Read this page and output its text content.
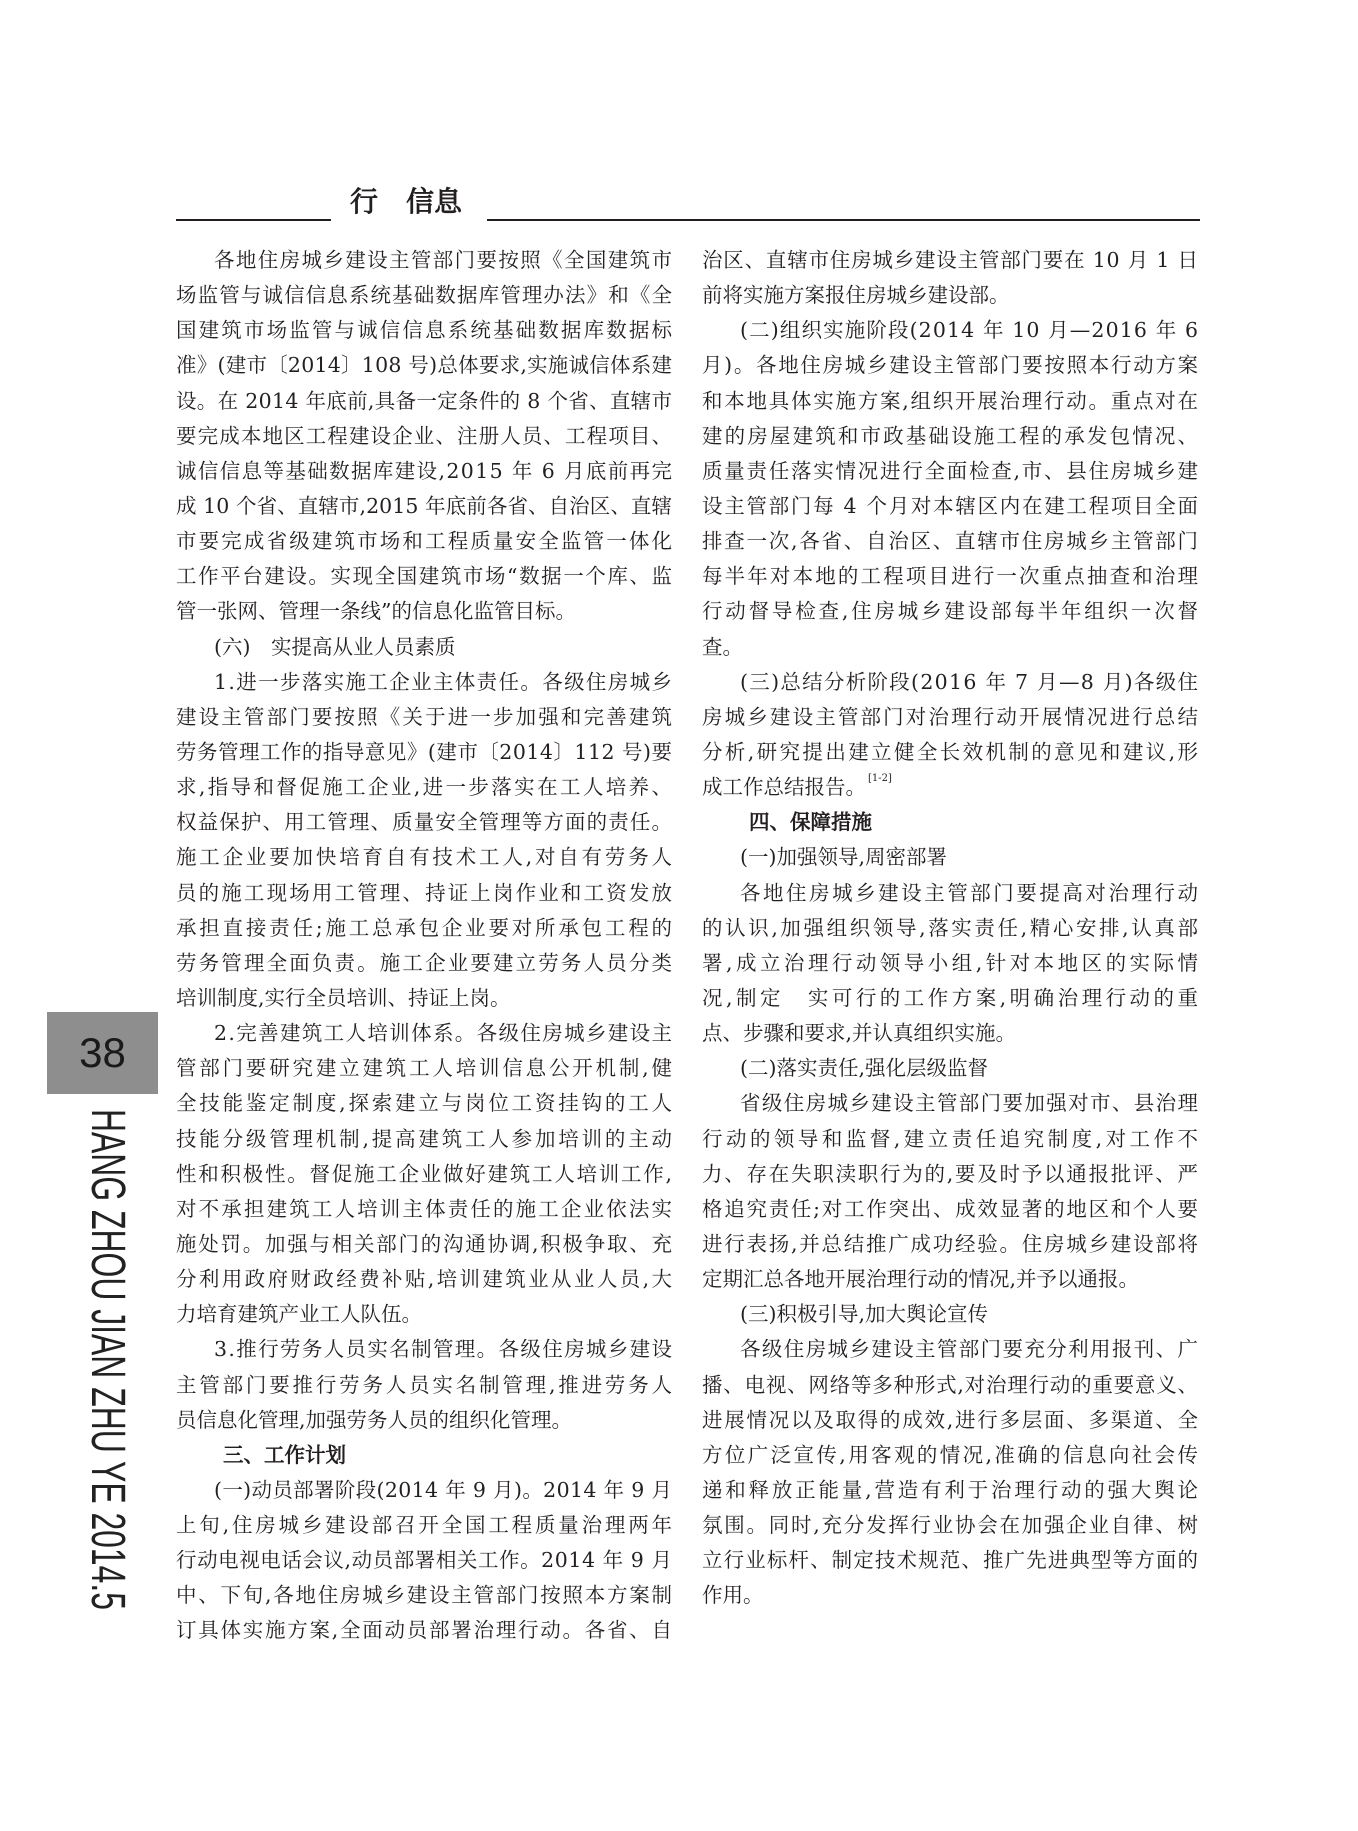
行　信息
各地住房城乡建设主管部门要按照《全国建筑市
场监管与诚信信息系统基础数据库管理办法》和《全
国建筑市场监管与诚信信息系统基础数据库数据标
准》(建市〔2014〕108 号)总体要求,实施诚信体系建
设。在 2014 年底前,具备一定条件的 8 个省、直辖市
要完成本地区工程建设企业、注册人员、工程项目、
诚信信息等基础数据库建设,2015 年 6 月底前再完
成 10 个省、直辖市,2015 年底前各省、自治区、直辖
市要完成省级建筑市场和工程质量安全监管一体化
工作平台建设。实现全国建筑市场“数据一个库、监
管一张网、管理一条线”的信息化监管目标。
(六)　实提高从业人员素质
1.进一步落实施工企业主体责任。各级住房城乡
建设主管部门要按照《关于进一步加强和完善建筑
劳务管理工作的指导意见》(建市〔2014〕112 号)要
求,指导和督促施工企业,进一步落实在工人培养、
权益保护、用工管理、质量安全管理等方面的责任。
施工企业要加快培育自有技术工人,对自有劳务人
员的施工现场用工管理、持证上岗作业和工资发放
承担直接责任;施工总承包企业要对所承包工程的
劳务管理全面负责。施工企业要建立劳务人员分类
培训制度,实行全员培训、持证上岗。
2.完善建筑工人培训体系。各级住房城乡建设主
管部门要研究建立建筑工人培训信息公开机制,健
全技能鉴定制度,探索建立与岗位工资挂钩的工人
技能分级管理机制,提高建筑工人参加培训的主动
性和积极性。督促施工企业做好建筑工人培训工作,
对不承担建筑工人培训主体责任的施工企业依法实
施处罚。加强与相关部门的沟通协调,积极争取、充
分利用政府财政经费补贴,培训建筑业从业人员,大
力培育建筑产业工人队伍。
3.推行劳务人员实名制管理。各级住房城乡建设
主管部门要推行劳务人员实名制管理,推进劳务人
员信息化管理,加强劳务人员的组织化管理。
三、工作计划
(一)动员部署阶段(2014 年 9 月)。2014 年 9 月
上旬,住房城乡建设部召开全国工程质量治理两年
行动电视电话会议,动员部署相关工作。2014 年 9 月
中、下旬,各地住房城乡建设主管部门按照本方案制
订具体实施方案,全面动员部署治理行动。各省、自
治区、直辖市住房城乡建设主管部门要在 10 月 1 日
前将实施方案报住房城乡建设部。
(二)组织实施阶段(2014 年 10 月—2016 年 6
月)。各地住房城乡建设主管部门要按照本行动方案
和本地具体实施方案,组织开展治理行动。重点对在
建的房屋建筑和市政基础设施工程的承发包情况、
质量责任落实情况进行全面检查,市、县住房城乡建
设主管部门每 4 个月对本辖区内在建工程项目全面
排查一次,各省、自治区、直辖市住房城乡主管部门
每半年对本地的工程项目进行一次重点抽查和治理
行动督导检查,住房城乡建设部每半年组织一次督
查。
(三)总结分析阶段(2016 年 7 月—8 月)各级住
房城乡建设主管部门对治理行动开展情况进行总结
分析,研究提出建立健全长效机制的意见和建议,形
成工作总结报告。 [1-2]
四、保障措施
(一)加强领导,周密部署
各地住房城乡建设主管部门要提高对治理行动
的认识,加强组织领导,落实责任,精心安排,认真部
署,成立治理行动领导小组,针对本地区的实际情
况,制定　实可行的工作方案,明确治理行动的重
点、步骤和要求,并认真组织实施。
(二)落实责任,强化层级监督
省级住房城乡建设主管部门要加强对市、县治理
行动的领导和监督,建立责任追究制度,对工作不
力、存在失职渎职行为的,要及时予以通报批评、严
格追究责任;对工作突出、成效显著的地区和个人要
进行表扬,并总结推广成功经验。住房城乡建设部将
定期汇总各地开展治理行动的情况,并予以通报。
(三)积极引导,加大舆论宣传
各级住房城乡建设主管部门要充分利用报刊、广
播、电视、网络等多种形式,对治理行动的重要意义、
进展情况以及取得的成效,进行多层面、多渠道、全
方位广泛宣传,用客观的情况,准确的信息向社会传
递和释放正能量,营造有利于治理行动的强大舆论
氛围。同时,充分发挥行业协会在加强企业自律、树
立行业标杆、制定技术规范、推广先进典型等方面的
作用。
38
HANG ZHOU JIAN ZHU YE 2014.5
